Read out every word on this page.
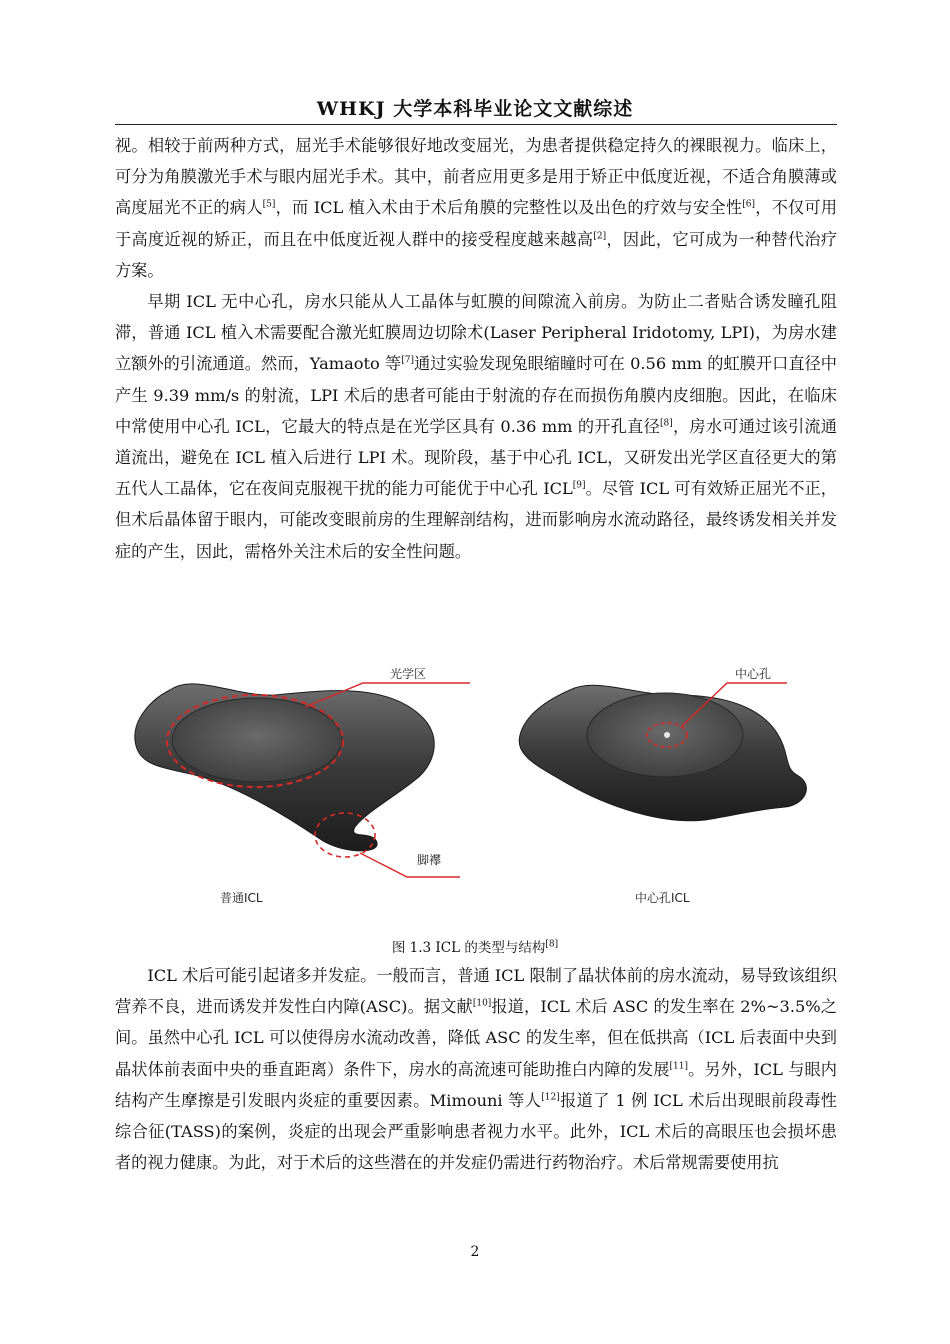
WHKJ 大学本科毕业论文文献综述

视。相较于前两种方式，屈光手术能够很好地改变屈光，为患者提供稳定持久的裸眼视力。临床上，可分为角膜激光手术与眼内屈光手术。其中，前者应用更多是用于矫正中低度近视，不适合角膜薄或高度屈光不正的病人[5]，而 ICL 植入术由于术后角膜的完整性以及出色的疗效与安全性[6]，不仅可用于高度近视的矫正，而且在中低度近视人群中的接受程度越来越高[2]，因此，它可成为一种替代治疗方案。

早期 ICL 无中心孔，房水只能从人工晶体与虹膜的间隙流入前房。为防止二者贴合诱发瞳孔阻滞，普通 ICL 植入术需要配合激光虹膜周边切除术(Laser Peripheral Iridotomy, LPI)，为房水建立额外的引流通道。然而，Yamaoto 等[7]通过实验发现兔眼缩瞳时可在 0.56 mm 的虹膜开口直径中产生 9.39 mm/s 的射流，LPI 术后的患者可能由于射流的存在而损伤角膜内皮细胞。因此，在临床中常使用中心孔 ICL，它最大的特点是在光学区具有 0.36 mm 的开孔直径[8]，房水可通过该引流通道流出，避免在 ICL 植入后进行 LPI 术。现阶段，基于中心孔 ICL，又研发出光学区直径更大的第五代人工晶体，它在夜间克服视干扰的能力可能优于中心孔 ICL[9]。尽管 ICL 可有效矫正屈光不正，但术后晶体留于眼内，可能改变眼前房的生理解剖结构，进而影响房水流动路径，最终诱发相关并发症的产生，因此，需格外关注术后的安全性问题。

光学区
脚襻
中心孔
普通ICL	中心孔ICL
图 1.3 ICL 的类型与结构[8]

ICL 术后可能引起诸多并发症。一般而言，普通 ICL 限制了晶状体前的房水流动，易导致该组织营养不良，进而诱发并发性白内障(ASC)。据文献[10]报道，ICL 术后 ASC 的发生率在 2%~3.5%之间。虽然中心孔 ICL 可以使得房水流动改善，降低 ASC 的发生率，但在低拱高（ICL 后表面中央到晶状体前表面中央的垂直距离）条件下，房水的高流速可能助推白内障的发展[11]。另外，ICL 与眼内结构产生摩擦是引发眼内炎症的重要因素。Mimouni 等人[12]报道了 1 例 ICL 术后出现眼前段毒性综合征(TASS)的案例，炎症的出现会严重影响患者视力水平。此外，ICL 术后的高眼压也会损坏患者的视力健康。为此，对于术后的这些潜在的并发症仍需进行药物治疗。术后常规需要使用抗

2
